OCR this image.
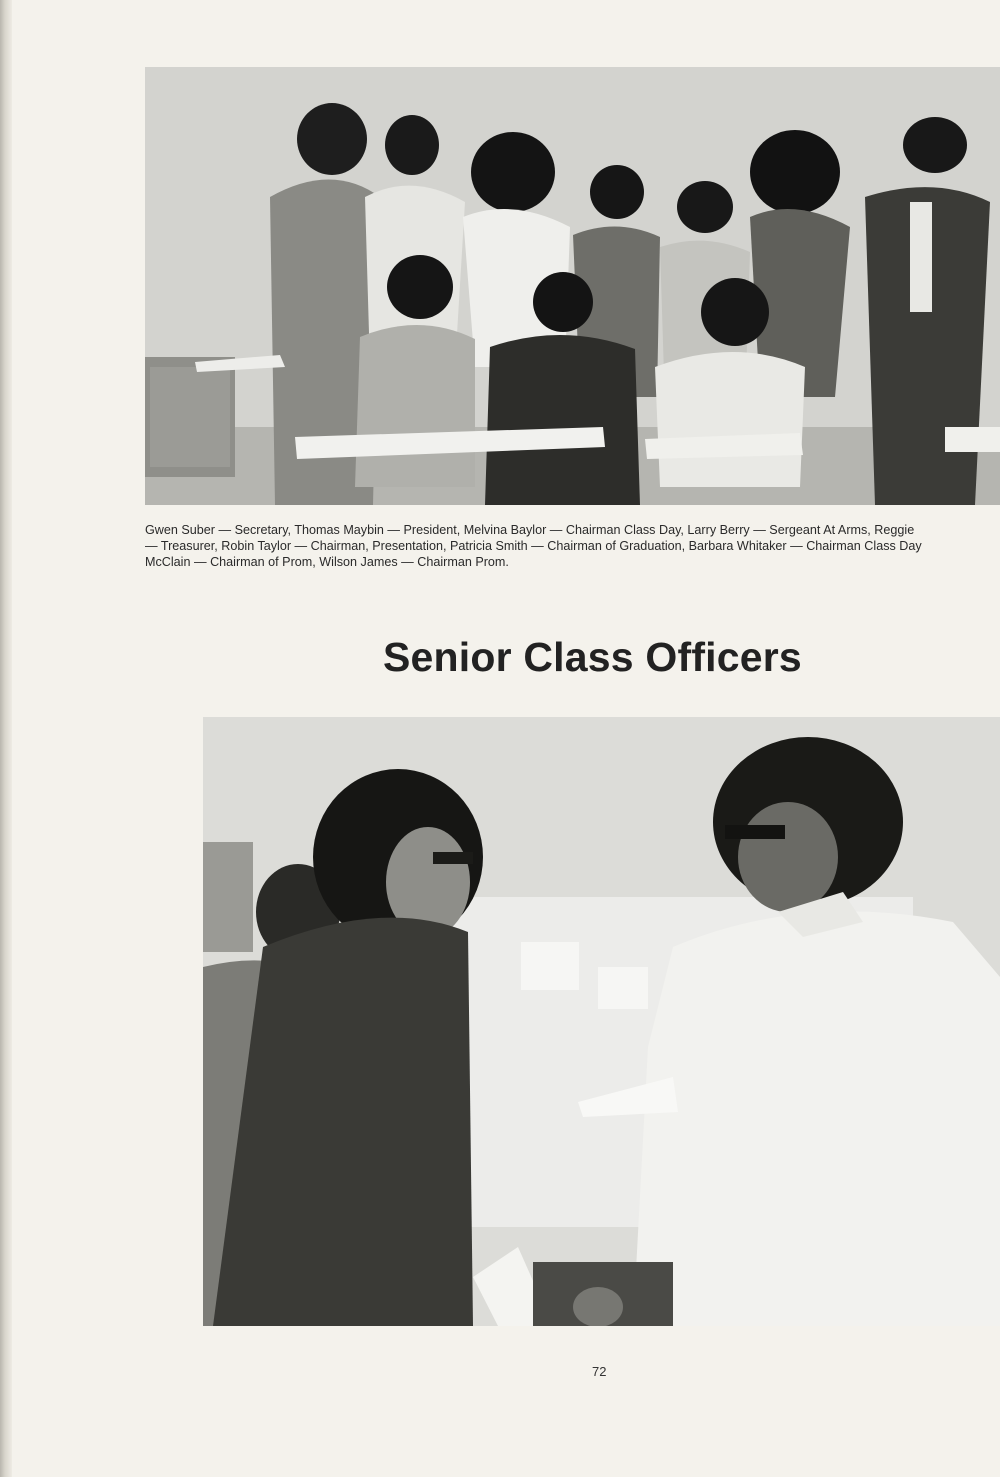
Gwen Suber — Secretary, Thomas Maybin — President, Melvina Baylor — Chairman Class Day, Larry Berry — Sergeant At Arms, Reggie
— Treasurer, Robin Taylor — Chairman, Presentation, Patricia Smith — Chairman of Graduation, Barbara Whitaker — Chairman Class Day
McClain — Chairman of Prom, Wilson James — Chairman Prom.
Senior Class Officers
72
